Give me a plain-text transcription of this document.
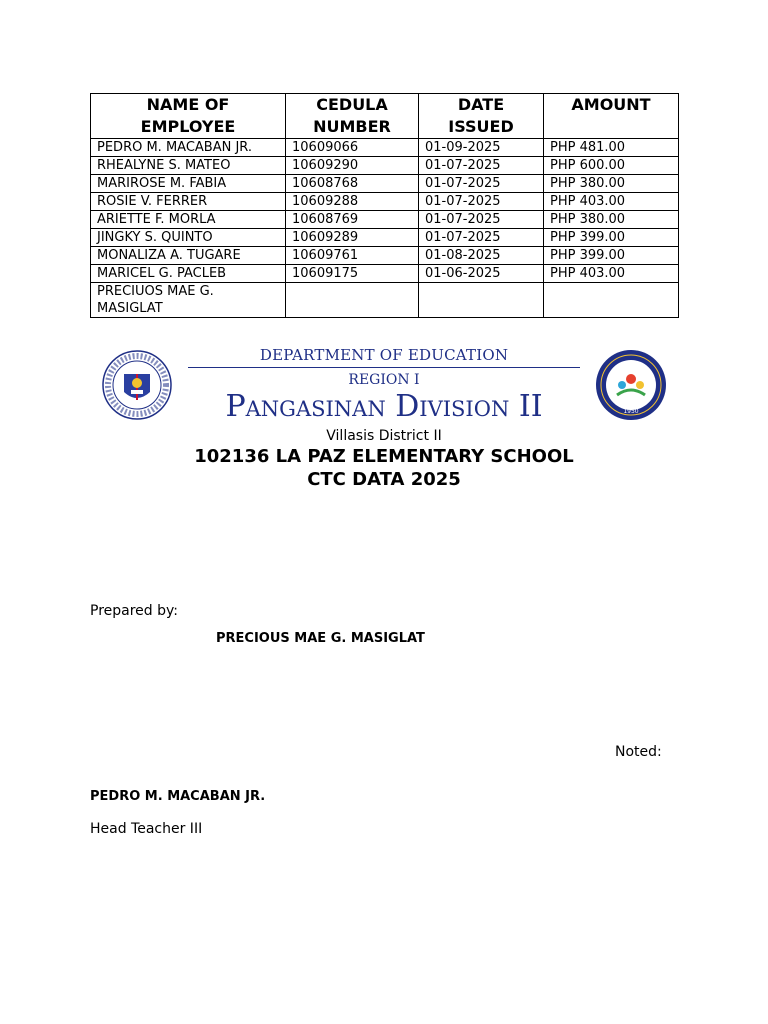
NAME OF EMPLOYEE	CEDULA NUMBER	DATE ISSUED	AMOUNT
PEDRO M. MACABAN JR.	10609066	01-09-2025	PHP 481.00
RHEALYNE S. MATEO	10609290	01-07-2025	PHP 600.00
MARIROSE M. FABIA	10608768	01-07-2025	PHP 380.00
ROSIE V. FERRER	10609288	01-07-2025	PHP 403.00
ARIETTE F. MORLA	10608769	01-07-2025	PHP 380.00
JINGKY S. QUINTO	10609289	01-07-2025	PHP 399.00
MONALIZA A. TUGARE	10609761	01-08-2025	PHP 399.00
MARICEL G. PACLEB	10609175	01-06-2025	PHP 403.00
PRECIUOS MAE G. MASIGLAT			
DEPARTMENT OF EDUCATION
REGION I
Pangasinan Division II	1950
Villasis District II
102136 LA PAZ ELEMENTARY SCHOOL
CTC DATA 2025
Prepared by:
PRECIOUS MAE G. MASIGLAT
Noted:
PEDRO M. MACABAN JR.
Head Teacher III
